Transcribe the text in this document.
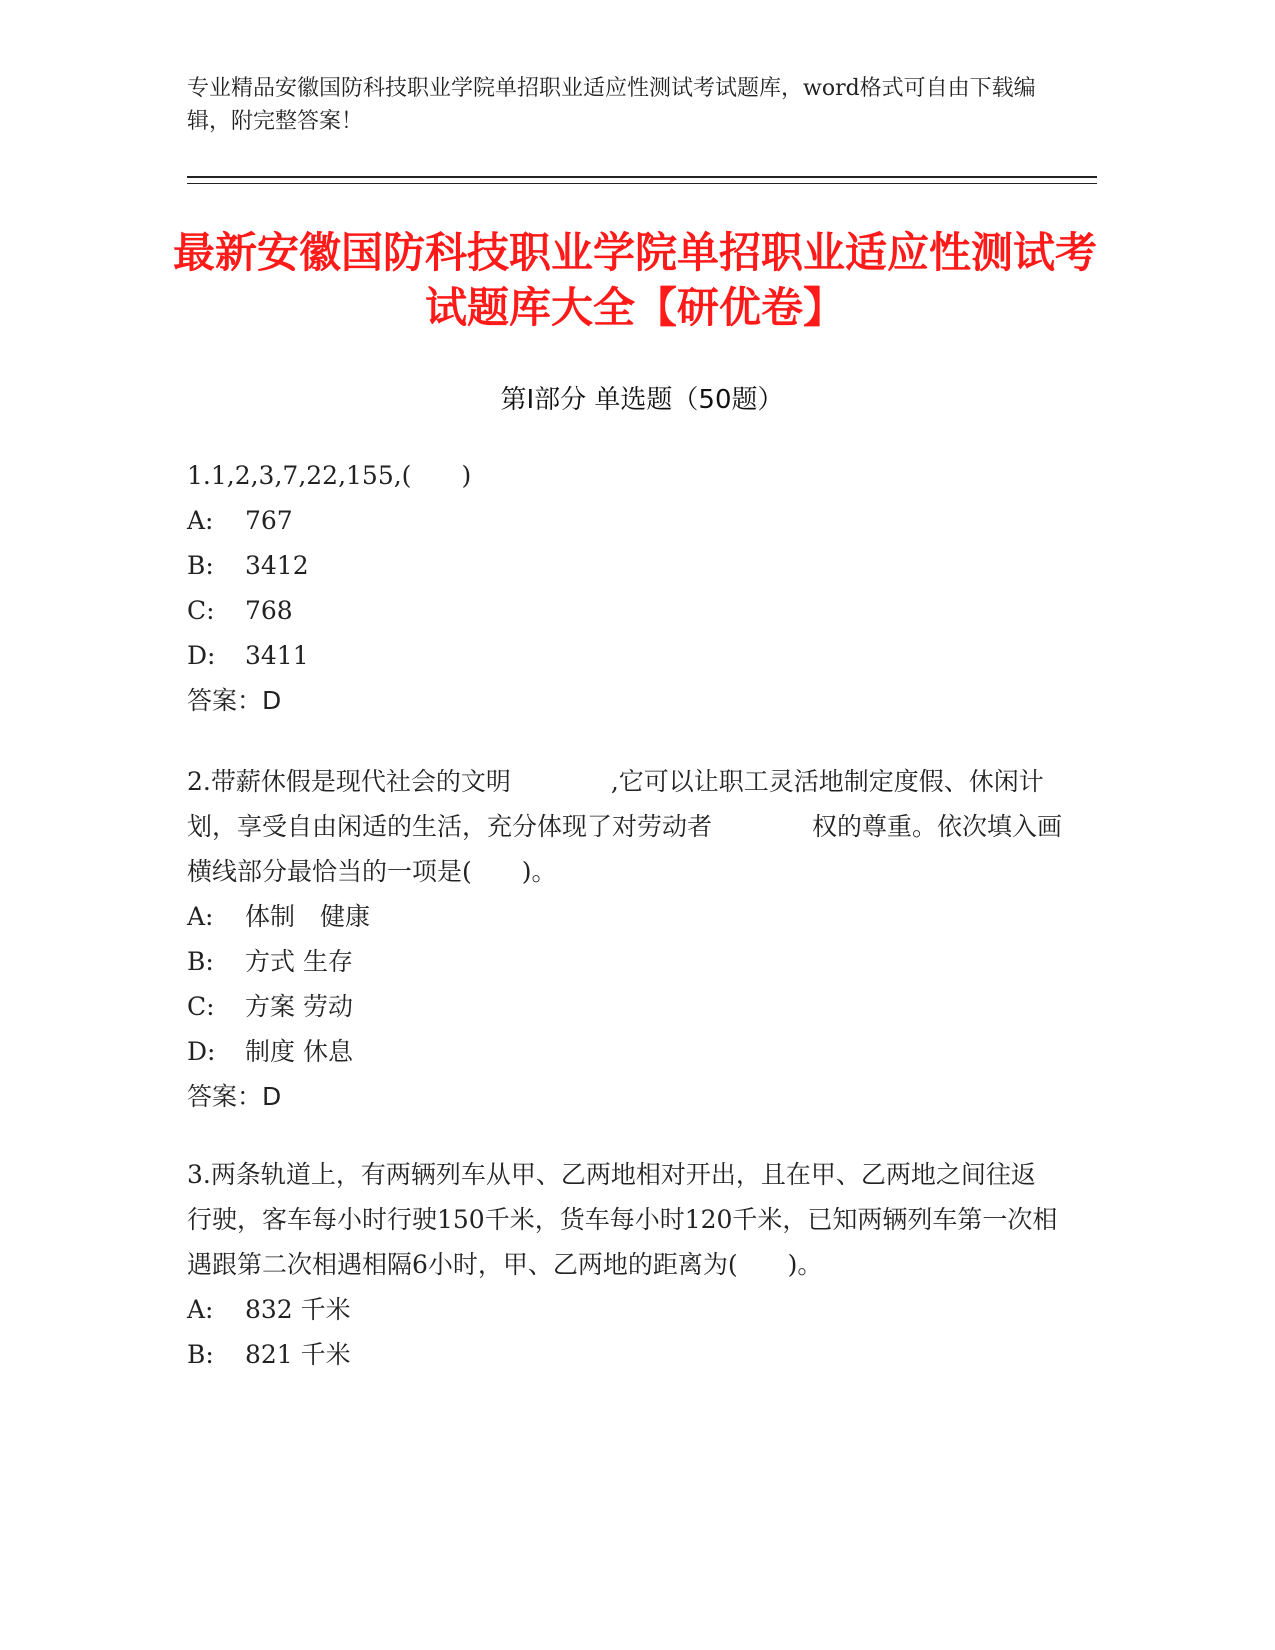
专业精品安徽国防科技职业学院单招职业适应性测试考试题库，word格式可自由下载编辑，附完整答案！
最新安徽国防科技职业学院单招职业适应性测试考试题库大全【研优卷】
第Ⅰ部分 单选题（50题）

1.1,2,3,7,22,155,(　　)

A: 767
B: 3412
C: 768
D: 3411
答案：D

2.带薪休假是现代社会的文明　　　　,它可以让职工灵活地制定度假、休闲计划，享受自由闲适的生活，充分体现了对劳动者　　　　权的尊重。依次填入画横线部分最恰当的一项是(　　)。

A: 体制　健康
B: 方式 生存
C: 方案 劳动
D: 制度 休息
答案：D

3.两条轨道上，有两辆列车从甲、乙两地相对开出，且在甲、乙两地之间往返 行驶，客车每小时行驶150千米，货车每小时120千米，已知两辆列车第一次相遇跟第二次相遇相隔6小时，甲、乙两地的距离为(　　)。

A: 832 千米
B: 821 千米
